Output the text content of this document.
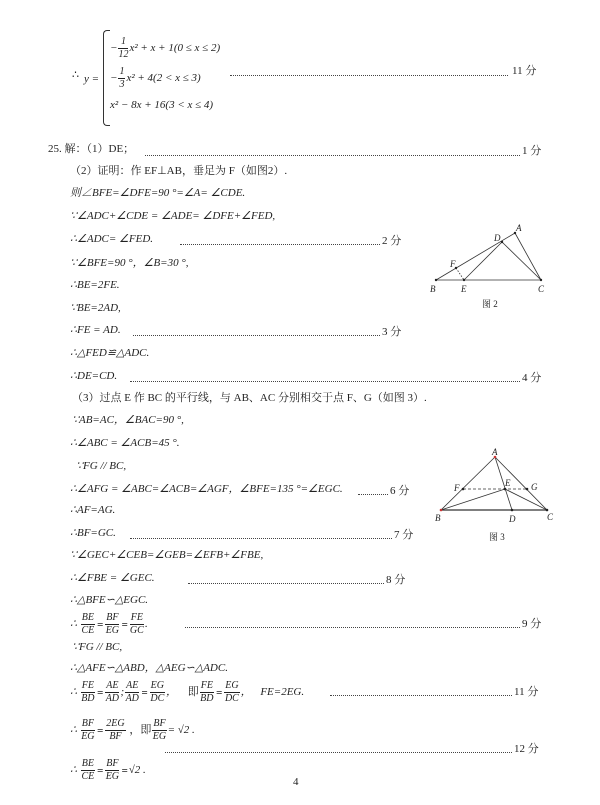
∴ y =
− $\frac{1}{12} x^2 + x + 1(0 \le x \le 2)$
− $\frac{1}{3} x^2 + 4(2 < x \le 3)$
x² − 8x + 16(3 < x ≤ 4)
11 分
25. 解：（1）DE；	1 分
（2）证明：作 EF⊥AB，垂足为 F（如图2）.
则∠BFE=∠DFE=90 °=∠A= ∠CDE.
∵∠ADC+∠CDE = ∠ADE= ∠DFE+∠FED,
∴∠ADC= ∠FED.	2 分
∵∠BFE=90 °，∠B=30 °,
∴BE=2FE.
∵BE=2AD,
∴FE = AD.	3 分
∴△FED≌△ADC.
∴DE=CD.	4 分
（3）过点 E 作 BC 的平行线，与 AB、AC 分别相交于点 F、G（如图 3）.
∵AB=AC，∠BAC=90 °,
∴∠ABC = ∠ACB=45 °.
∵FG // BC,
∴∠AFG = ∠ABC=∠ACB=∠AGF，∠BFE=135 °=∠EGC.	6 分
∴AF=AG.
∴BF=GC.	7 分
∵∠GEC+∠CEB=∠GEB=∠EFB+∠FBE,
∴∠FBE = ∠GEC.	8 分
∴△BFE∽△EGC.
∴ $\frac{BE}{CE} = \frac{BF}{EG} = \frac{FE}{GC}$ .	9 分
∵FG // BC,
∴△AFE∽△ABD，△AEG∽△ADC.
∴ $\frac{FE}{BD} = \frac{AE}{AD}$ ; $\frac{AE}{AD} = \frac{EG}{DC}$ ， 即 $\frac{FE}{BD} = \frac{EG}{DC}$ ， FE=2EG.	11 分
∴ $\frac{BF}{EG} = \frac{2EG}{BF}$ ，即 $\frac{BF}{EG} = √2$ .
∴ $\frac{BE}{CE} = \frac{BF}{EG} =√2$ .
12 分
A
B	C
D
E
F
图 2
A
B	C
D
E
F	G
图 3
4
